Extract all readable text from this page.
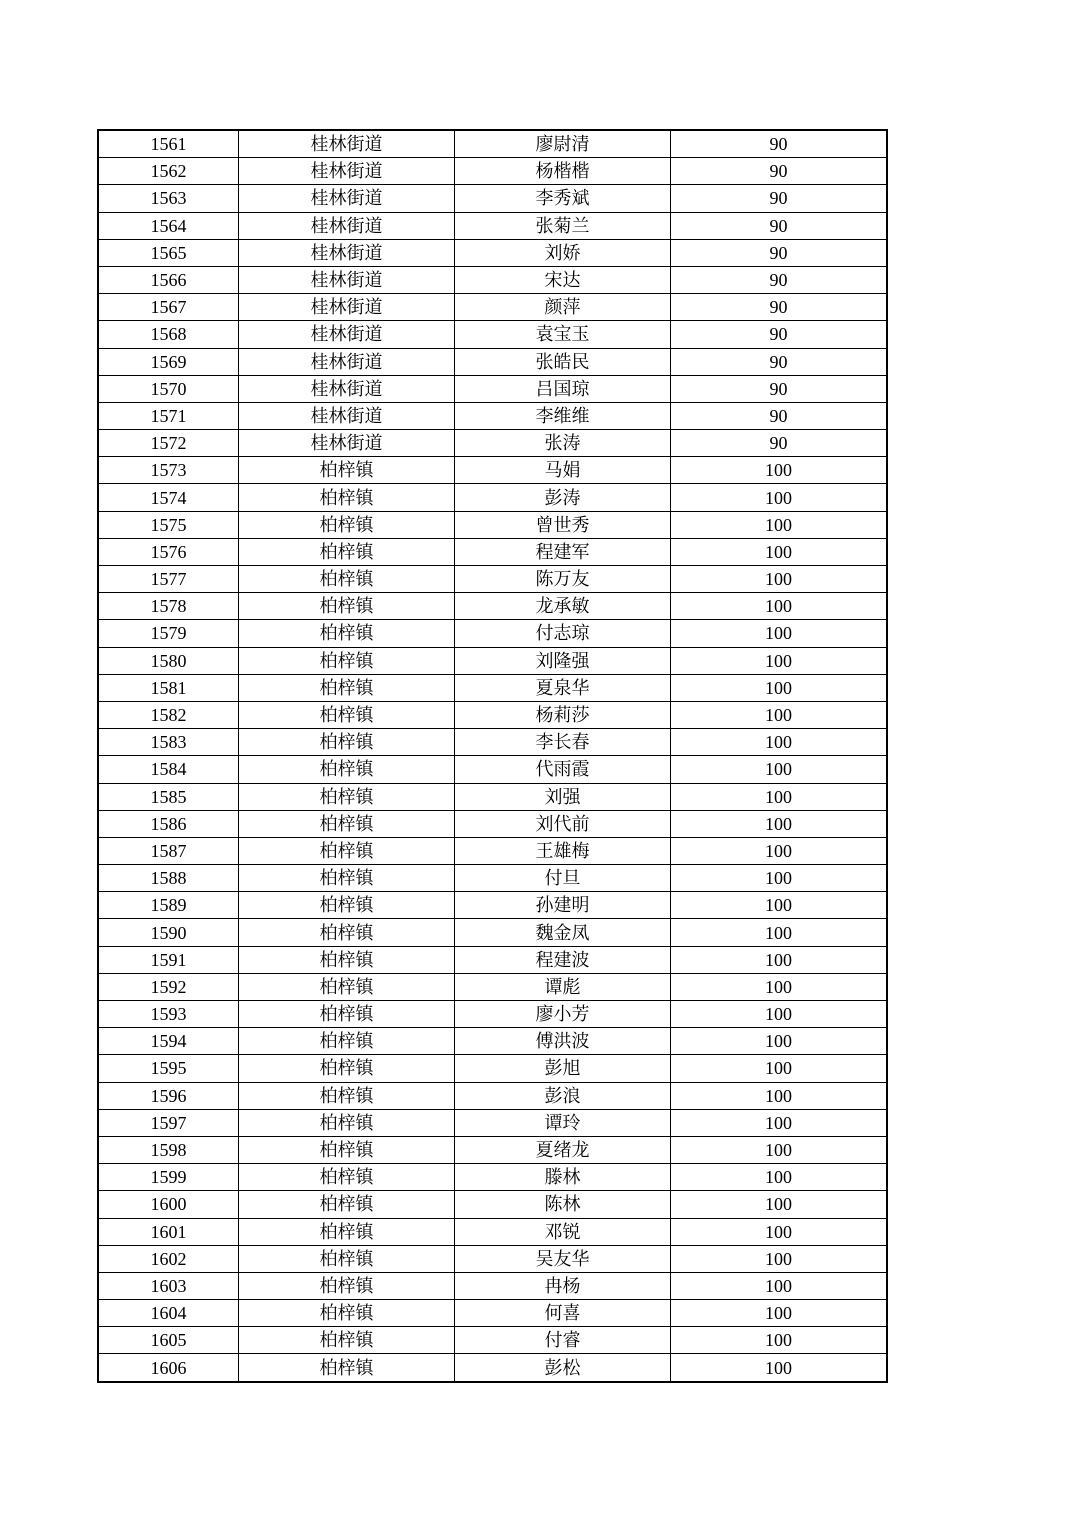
1561	桂林街道	廖尉清	90
1562	桂林街道	杨楷楷	90
1563	桂林街道	李秀斌	90
1564	桂林街道	张菊兰	90
1565	桂林街道	刘娇	90
1566	桂林街道	宋达	90
1567	桂林街道	颜萍	90
1568	桂林街道	袁宝玉	90
1569	桂林街道	张皓民	90
1570	桂林街道	吕国琼	90
1571	桂林街道	李维维	90
1572	桂林街道	张涛	90
1573	柏梓镇	马娟	100
1574	柏梓镇	彭涛	100
1575	柏梓镇	曾世秀	100
1576	柏梓镇	程建军	100
1577	柏梓镇	陈万友	100
1578	柏梓镇	龙承敏	100
1579	柏梓镇	付志琼	100
1580	柏梓镇	刘隆强	100
1581	柏梓镇	夏泉华	100
1582	柏梓镇	杨莉莎	100
1583	柏梓镇	李长春	100
1584	柏梓镇	代雨霞	100
1585	柏梓镇	刘强	100
1586	柏梓镇	刘代前	100
1587	柏梓镇	王雄梅	100
1588	柏梓镇	付旦	100
1589	柏梓镇	孙建明	100
1590	柏梓镇	魏金凤	100
1591	柏梓镇	程建波	100
1592	柏梓镇	谭彪	100
1593	柏梓镇	廖小芳	100
1594	柏梓镇	傅洪波	100
1595	柏梓镇	彭旭	100
1596	柏梓镇	彭浪	100
1597	柏梓镇	谭玲	100
1598	柏梓镇	夏绪龙	100
1599	柏梓镇	滕林	100
1600	柏梓镇	陈林	100
1601	柏梓镇	邓锐	100
1602	柏梓镇	吴友华	100
1603	柏梓镇	冉杨	100
1604	柏梓镇	何喜	100
1605	柏梓镇	付睿	100
1606	柏梓镇	彭松	100
